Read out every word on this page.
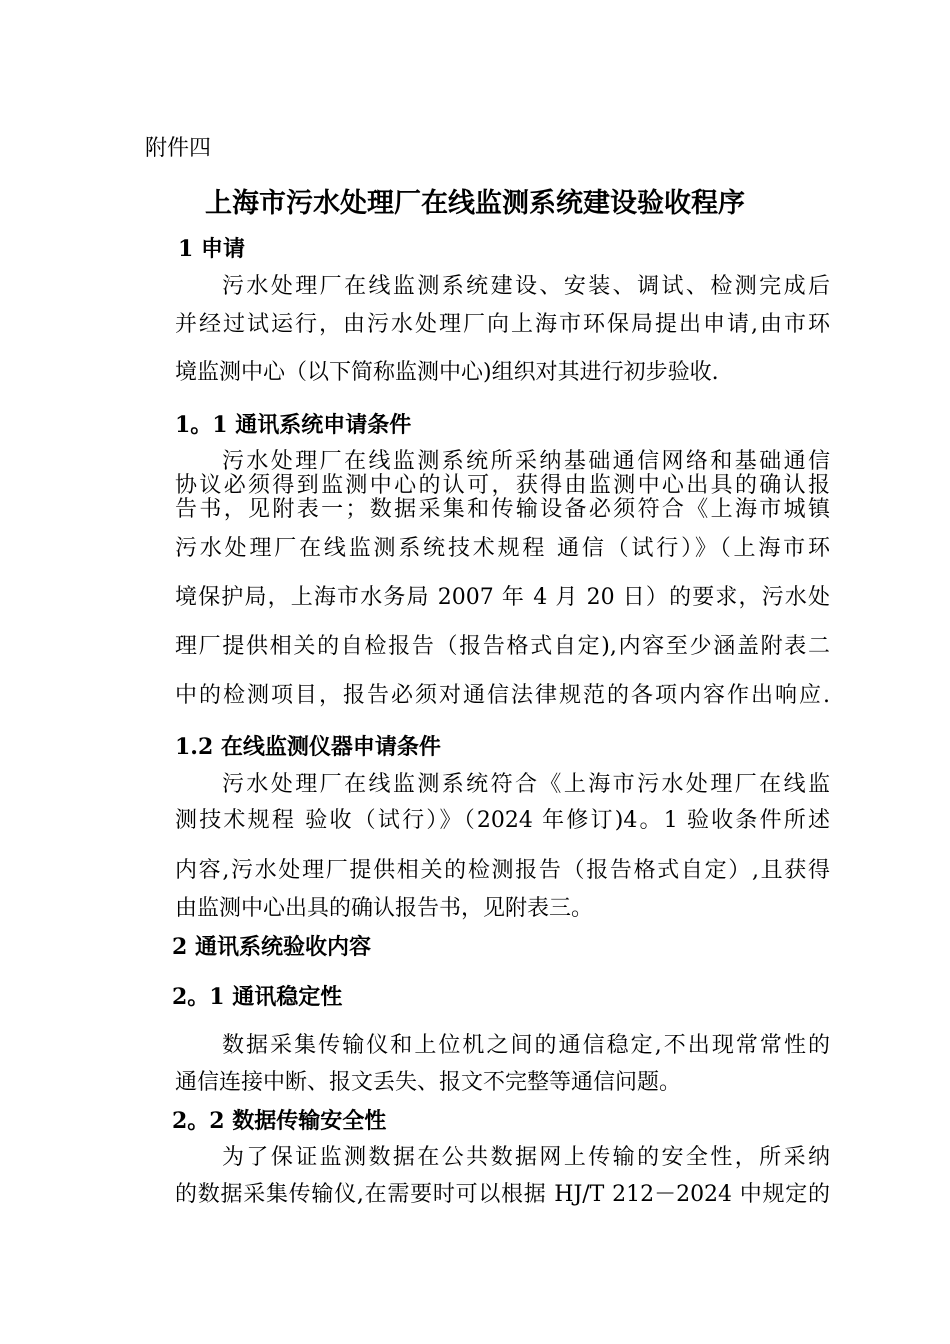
附件四
上海市污水处理厂在线监测系统建设验收程序
1 申请
污水处理厂在线监测系统建设、安装、调试、检测完成后
并经过试运行，由污水处理厂向上海市环保局提出申请,由市环
境监测中心（以下简称监测中心)组织对其进行初步验收.
1。1 通讯系统申请条件
污水处理厂在线监测系统所采纳基础通信网络和基础通信
协议必须得到监测中心的认可，获得由监测中心出具的确认报
告书，见附表一；数据采集和传输设备必须符合《上海市城镇
污水处理厂在线监测系统技术规程 通信（试行）》（上海市环
境保护局，上海市水务局 2007 年 4 月 20 日）的要求，污水处
理厂提供相关的自检报告（报告格式自定),内容至少涵盖附表二
中的检测项目，报告必须对通信法律规范的各项内容作出响应.
1.2 在线监测仪器申请条件
污水处理厂在线监测系统符合《上海市污水处理厂在线监
测技术规程 验收（试行）》（2024 年修订)4。1 验收条件所述
内容,污水处理厂提供相关的检测报告（报告格式自定）,且获得
由监测中心出具的确认报告书，见附表三。
2 通讯系统验收内容
2。1 通讯稳定性
数据采集传输仪和上位机之间的通信稳定,不出现常常性的
通信连接中断、报文丢失、报文不完整等通信问题。
2。2 数据传输安全性
为了保证监测数据在公共数据网上传输的安全性，所采纳
的数据采集传输仪,在需要时可以根据 HJ/T 212－2024 中规定的
